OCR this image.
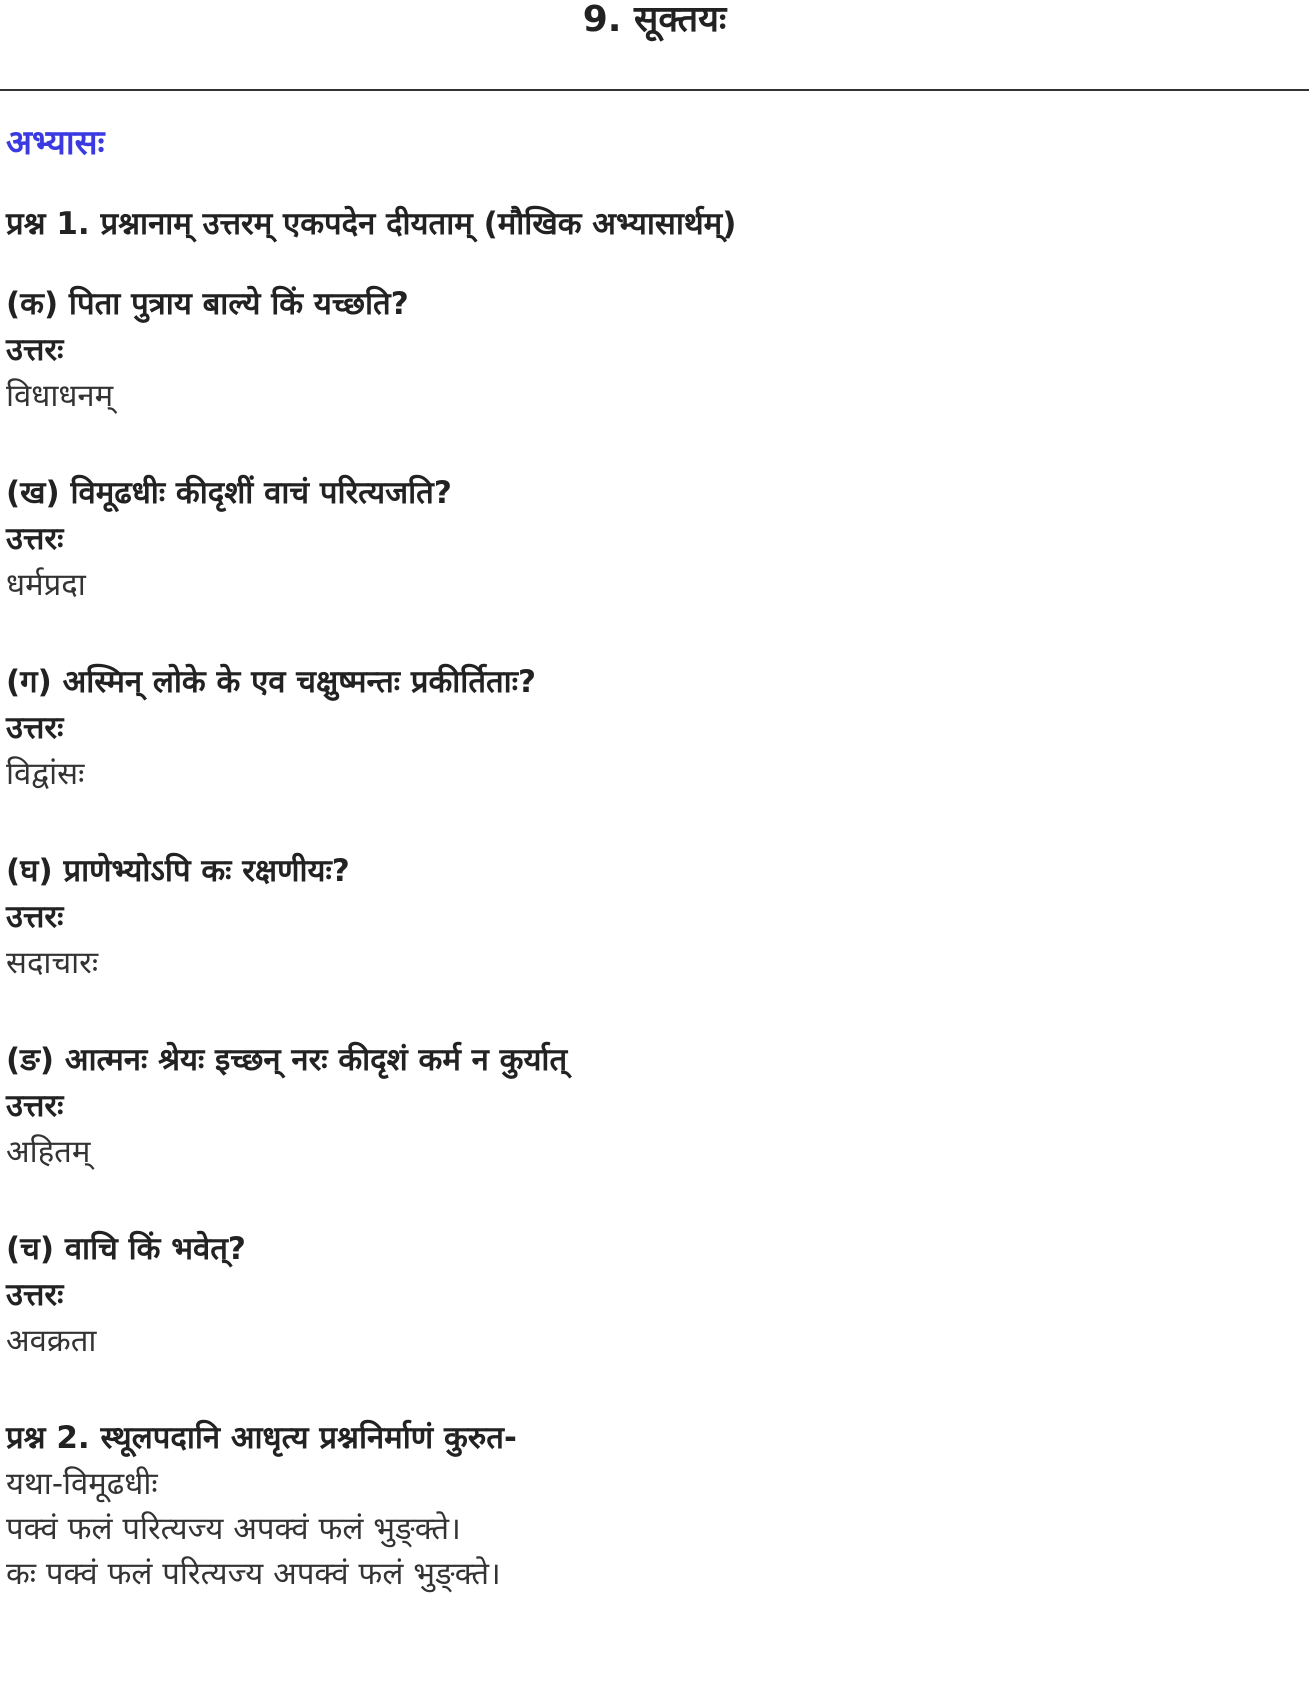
9. सूक्तयः
अभ्यासः
प्रश्न 1. प्रश्नानाम् उत्तरम् एकपदेन दीयताम् (मौखिक अभ्यासार्थम्)
(क) पिता पुत्राय बाल्ये किं यच्छति?
उत्तरः
विधाधनम्
(ख) विमूढधीः कीदृशीं वाचं परित्यजति?
उत्तरः
धर्मप्रदा
(ग) अस्मिन् लोके के एव चक्षुष्मन्तः प्रकीर्तिताः?
उत्तरः
विद्वांसः
(घ) प्राणेभ्योऽपि कः रक्षणीयः?
उत्तरः
सदाचारः
(ङ) आत्मनः श्रेयः इच्छन् नरः कीदृशं कर्म न कुर्यात्
उत्तरः
अहितम्
(च) वाचि किं भवेत्?
उत्तरः
अवक्रता
प्रश्न 2. स्थूलपदानि आधृत्य प्रश्ननिर्माणं कुरुत-
यथा-विमूढधीः
पक्वं फलं परित्यज्य अपक्वं फलं भुङ्क्ते।
कः पक्वं फलं परित्यज्य अपक्वं फलं भुङ्क्ते।
